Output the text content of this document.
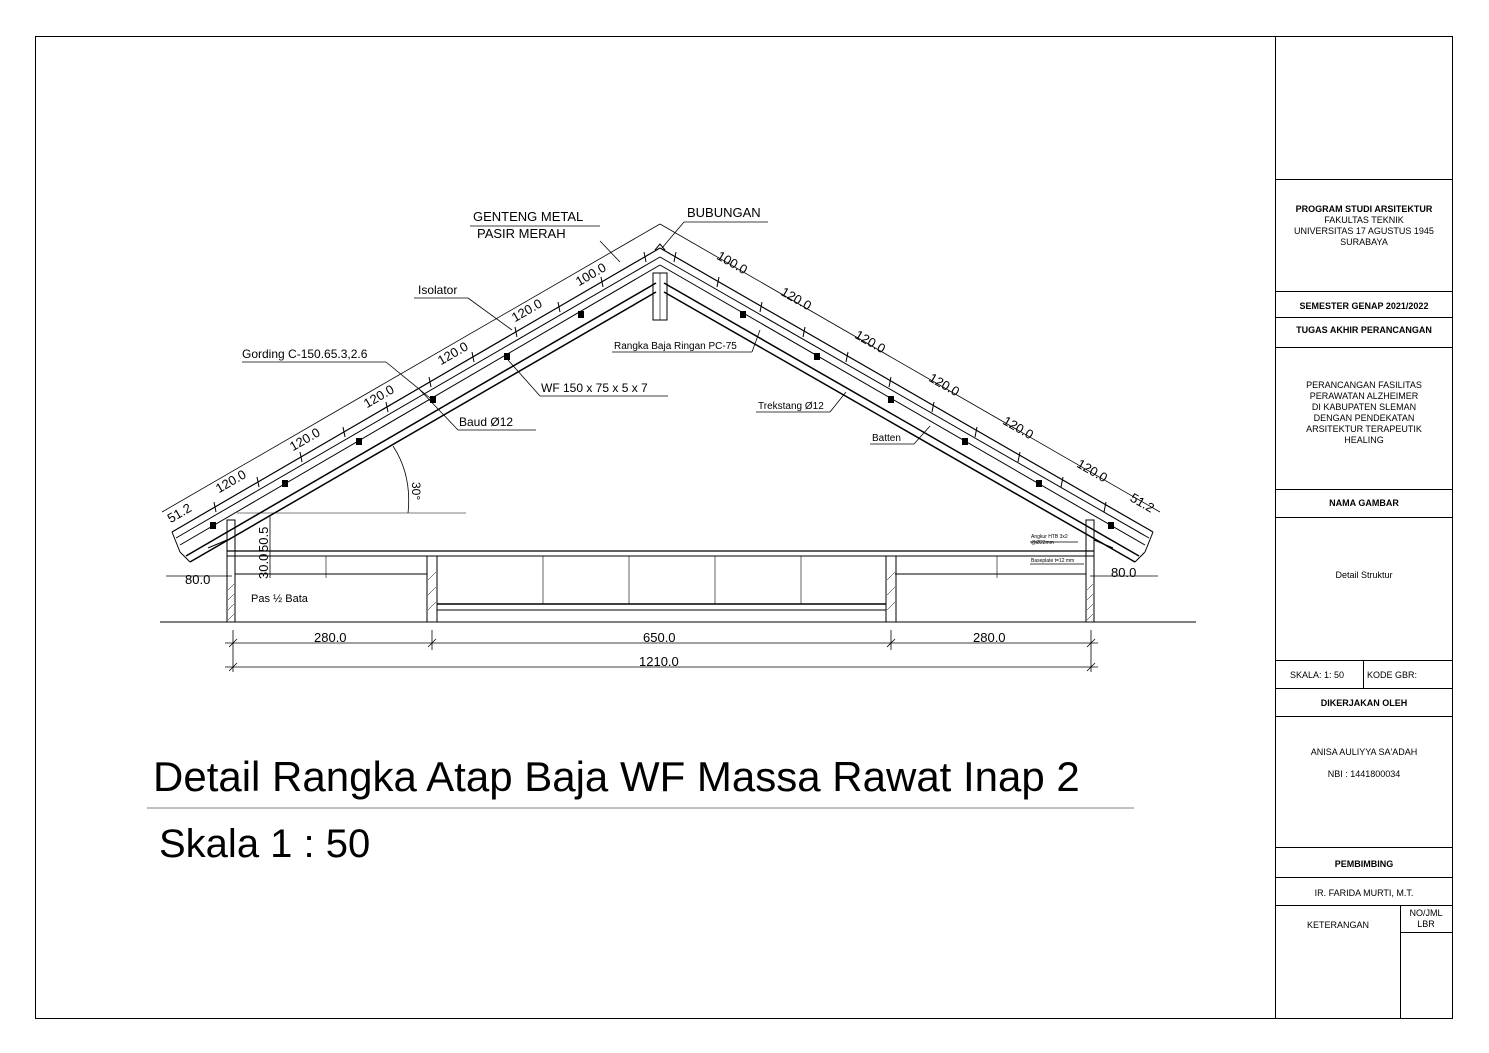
GENTENG METAL
PASIR MERAH
BUBUNGAN
Isolator
Gording C-150.65.3,2.6
Rangka Baja Ringan PC-75
WF 150 x 75 x 5 x 7
Baud Ø12
Trekstang Ø12
Batten
30°
Pas ½ Bata
Angkur HTB 3x2
@Ø22mm
Baseplate t=12 mm
51.2
120.0
120.0
120.0
120.0
120.0
100.0	100.0
120.0
120.0
120.0
120.0
120.0
51.2
80.0	80.0
30.0
50.5
280.0	650.0	280.0
1210.0
Detail Rangka Atap Baja WF Massa Rawat Inap 2
Skala 1 : 50
PROGRAM STUDI ARSITEKTUR
FAKULTAS TEKNIK
UNIVERSITAS 17 AGUSTUS 1945
SURABAYA
SEMESTER GENAP 2021/2022
TUGAS AKHIR PERANCANGAN
PERANCANGAN FASILITAS
PERAWATAN ALZHEIMER
DI KABUPATEN SLEMAN
DENGAN PENDEKATAN
ARSITEKTUR TERAPEUTIK
HEALING
NAMA GAMBAR
Detail Struktur
SKALA: 1: 50	KODE GBR:
DIKERJAKAN OLEH
ANISA AULIYYA SA'ADAH
NBI : 1441800034
PEMBIMBING
IR. FARIDA MURTI, M.T.
KETERANGAN
NO/JML
LBR
